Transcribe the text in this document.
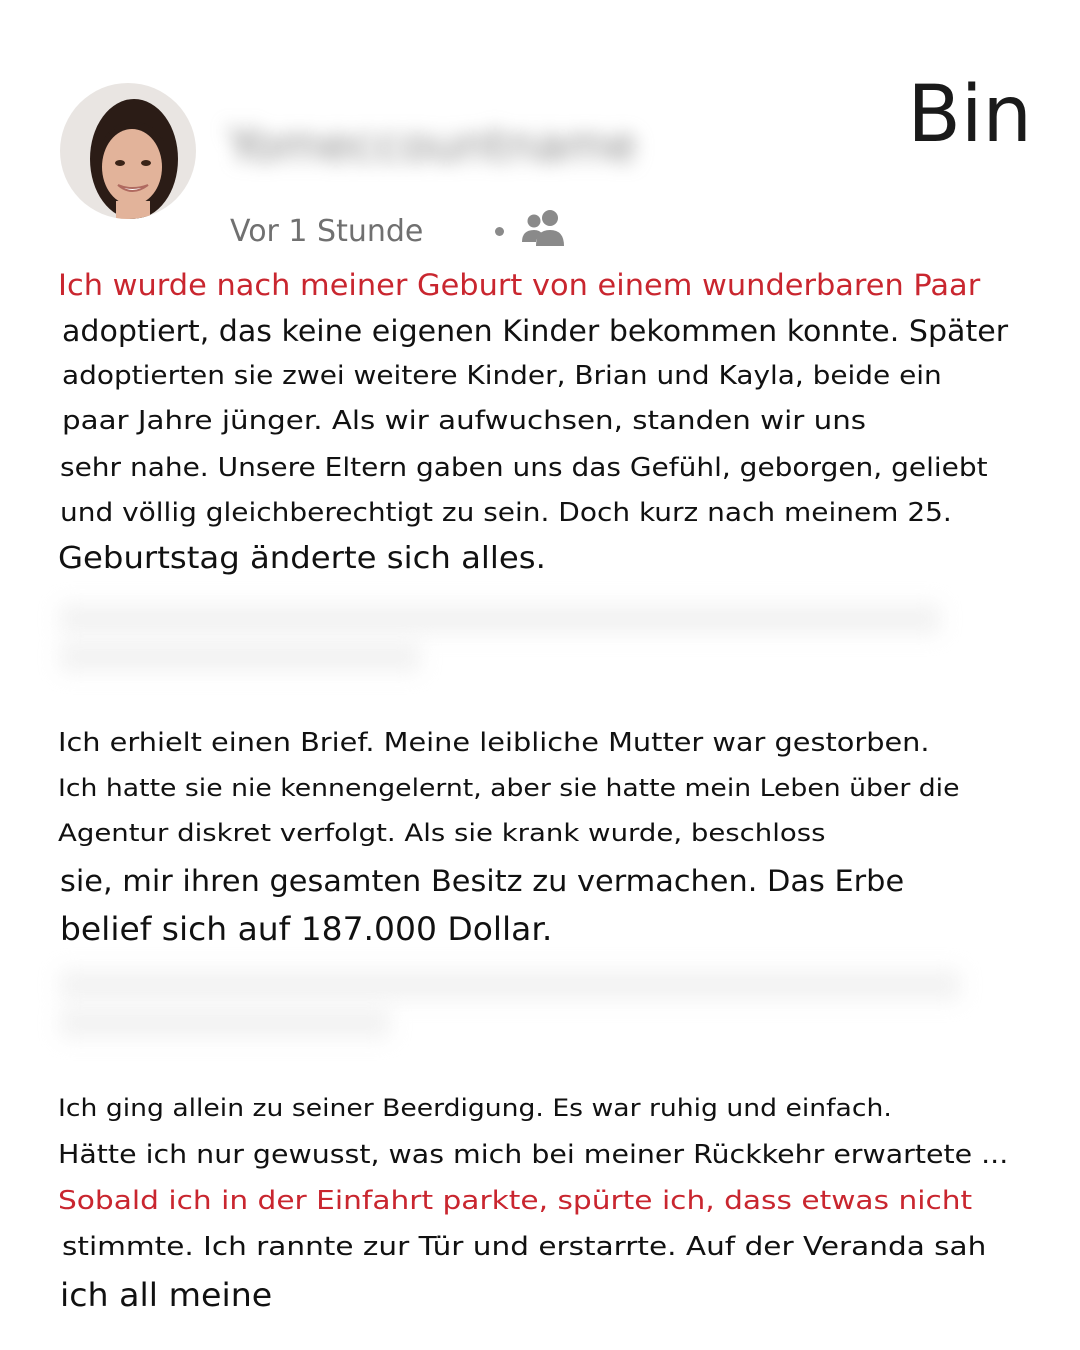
Yomeccountname	Bin
Vor 1 Stunde
Ich wurde nach meiner Geburt von einem wunderbaren Paar
adoptiert, das keine eigenen Kinder bekommen konnte. Später
adoptierten sie zwei weitere Kinder, Brian und Kayla, beide ein
paar Jahre jünger. Als wir aufwuchsen, standen wir uns
sehr nahe. Unsere Eltern gaben uns das Gefühl, geborgen, geliebt
und völlig gleichberechtigt zu sein. Doch kurz nach meinem 25.
Geburtstag änderte sich alles.
Ich erhielt einen Brief. Meine leibliche Mutter war gestorben.
Ich hatte sie nie kennengelernt, aber sie hatte mein Leben über die
Agentur diskret verfolgt. Als sie krank wurde, beschloss
sie, mir ihren gesamten Besitz zu vermachen. Das Erbe
belief sich auf 187.000 Dollar.
Ich ging allein zu seiner Beerdigung. Es war ruhig und einfach.
Hätte ich nur gewusst, was mich bei meiner Rückkehr erwartete ...
Sobald ich in der Einfahrt parkte, spürte ich, dass etwas nicht
stimmte. Ich rannte zur Tür und erstarrte. Auf der Veranda sah
ich all meine
